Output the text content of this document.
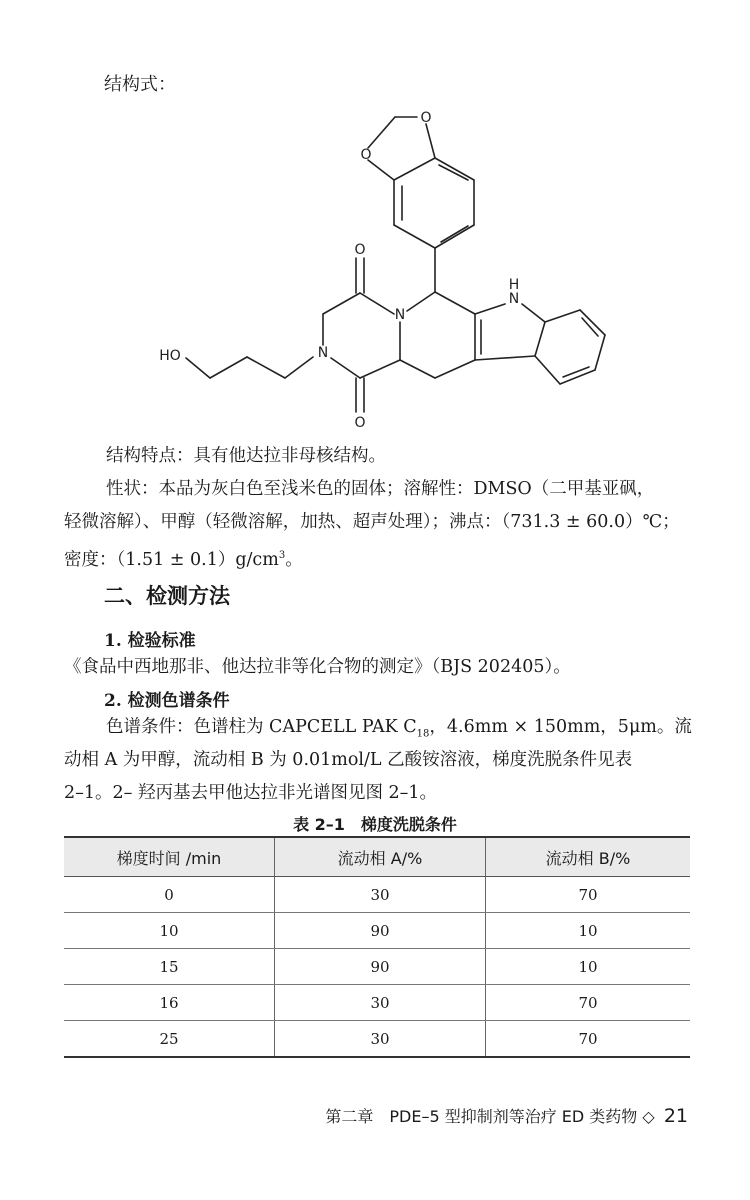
结构式：
O
O
O
O
N
N
N
H
HO
结构特点：具有他达拉非母核结构。
性状：本品为灰白色至浅米色的固体；溶解性：DMSO（二甲基亚砜，
轻微溶解）、甲醇（轻微溶解，加热、超声处理）；沸点：（731.3 ± 60.0）℃；
密度：$(1.51 \pm 0.1)g/cm^3$。
二、检测方法
1. 检验标准
《食品中西地那非、他达拉非等化合物的测定》（BJS 202405）。
2. 检测色谱条件
色谱条件：色谱柱为 CAPCELL PAK $C_{18}$，4.6mm × 150mm，5μm。流
动相 A 为甲醇，流动相 B 为 0.01mol/L 乙酸铵溶液，梯度洗脱条件见表
2–1。2– 羟丙基去甲他达拉非光谱图见图 2–1。
表 2–1　梯度洗脱条件
梯度时间 /min	流动相 A/%	流动相 B/%
0	30	70
10	90	10
15	90	10
16	30	70
25	30	70
第二章　PDE–5 型抑制剂等治疗 ED 类药物 ◇ 21
